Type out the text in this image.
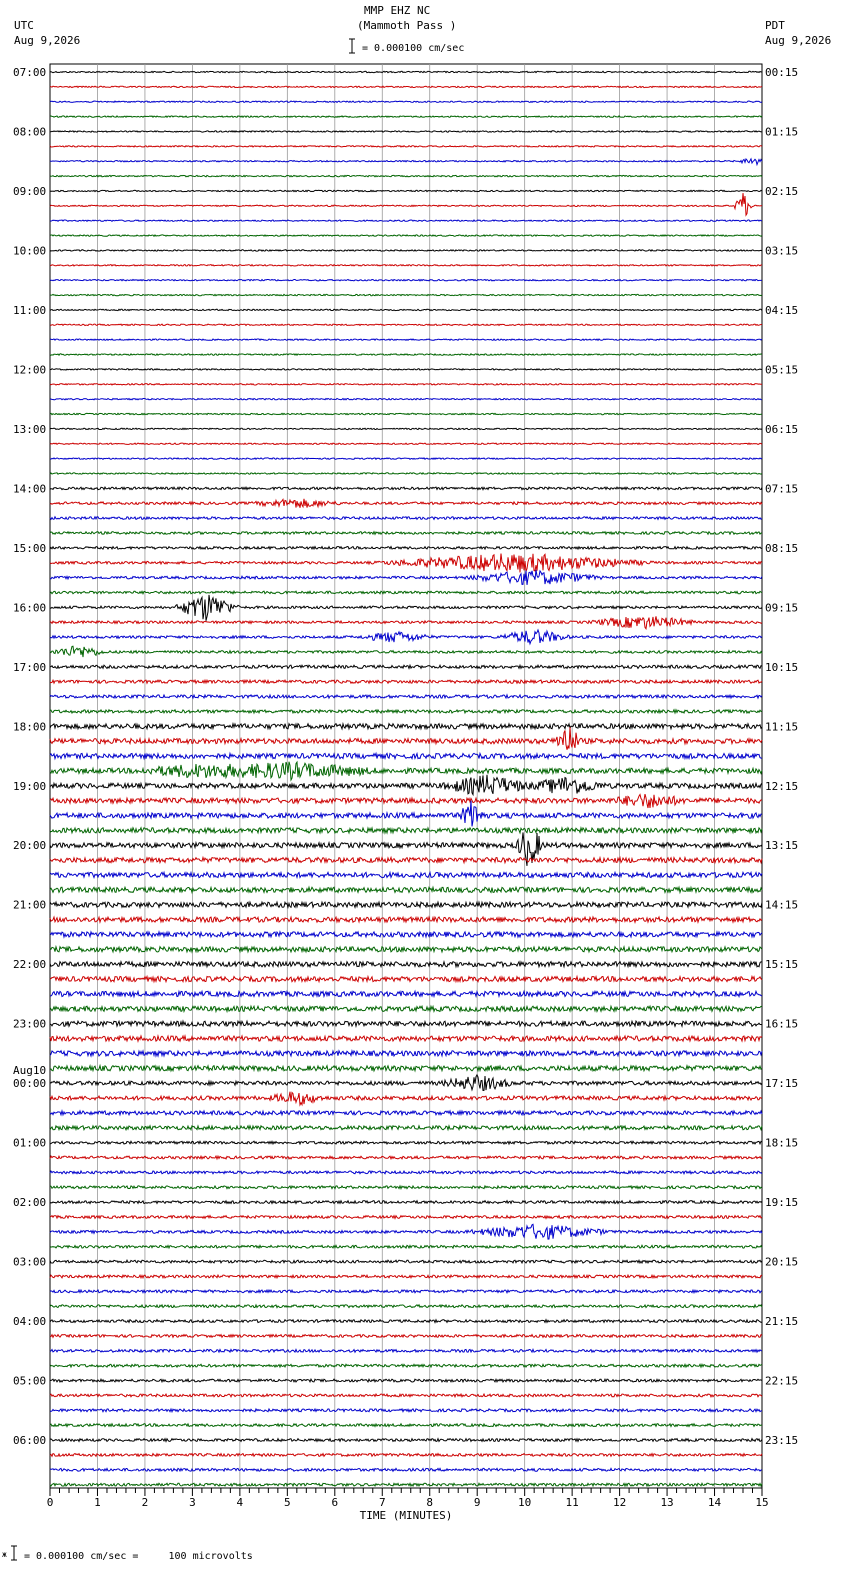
MMP EHZ NC
(Mammoth Pass )
UTC
Aug 9,2026
PDT
Aug 9,2026
= 0.000100 cm/sec
07:00
08:00
09:00
10:00
11:00
12:00
13:00
14:00
15:00
16:00
17:00
18:00
19:00
20:00
21:00
22:00
23:00
00:00
Aug10
01:00
02:00
03:00
04:00
05:00
06:00
00:15
01:15
02:15
03:15
04:15
05:15
06:15
07:15
08:15
09:15
10:15
11:15
12:15
13:15
14:15
15:15
16:15
17:15
18:15
19:15
20:15
21:15
22:15
23:15
0	1	2	3	4	5	6	7	8	9	10	11	12	13	14	15
TIME (MINUTES)
ж = 0.000100 cm/sec =     100 microvolts
